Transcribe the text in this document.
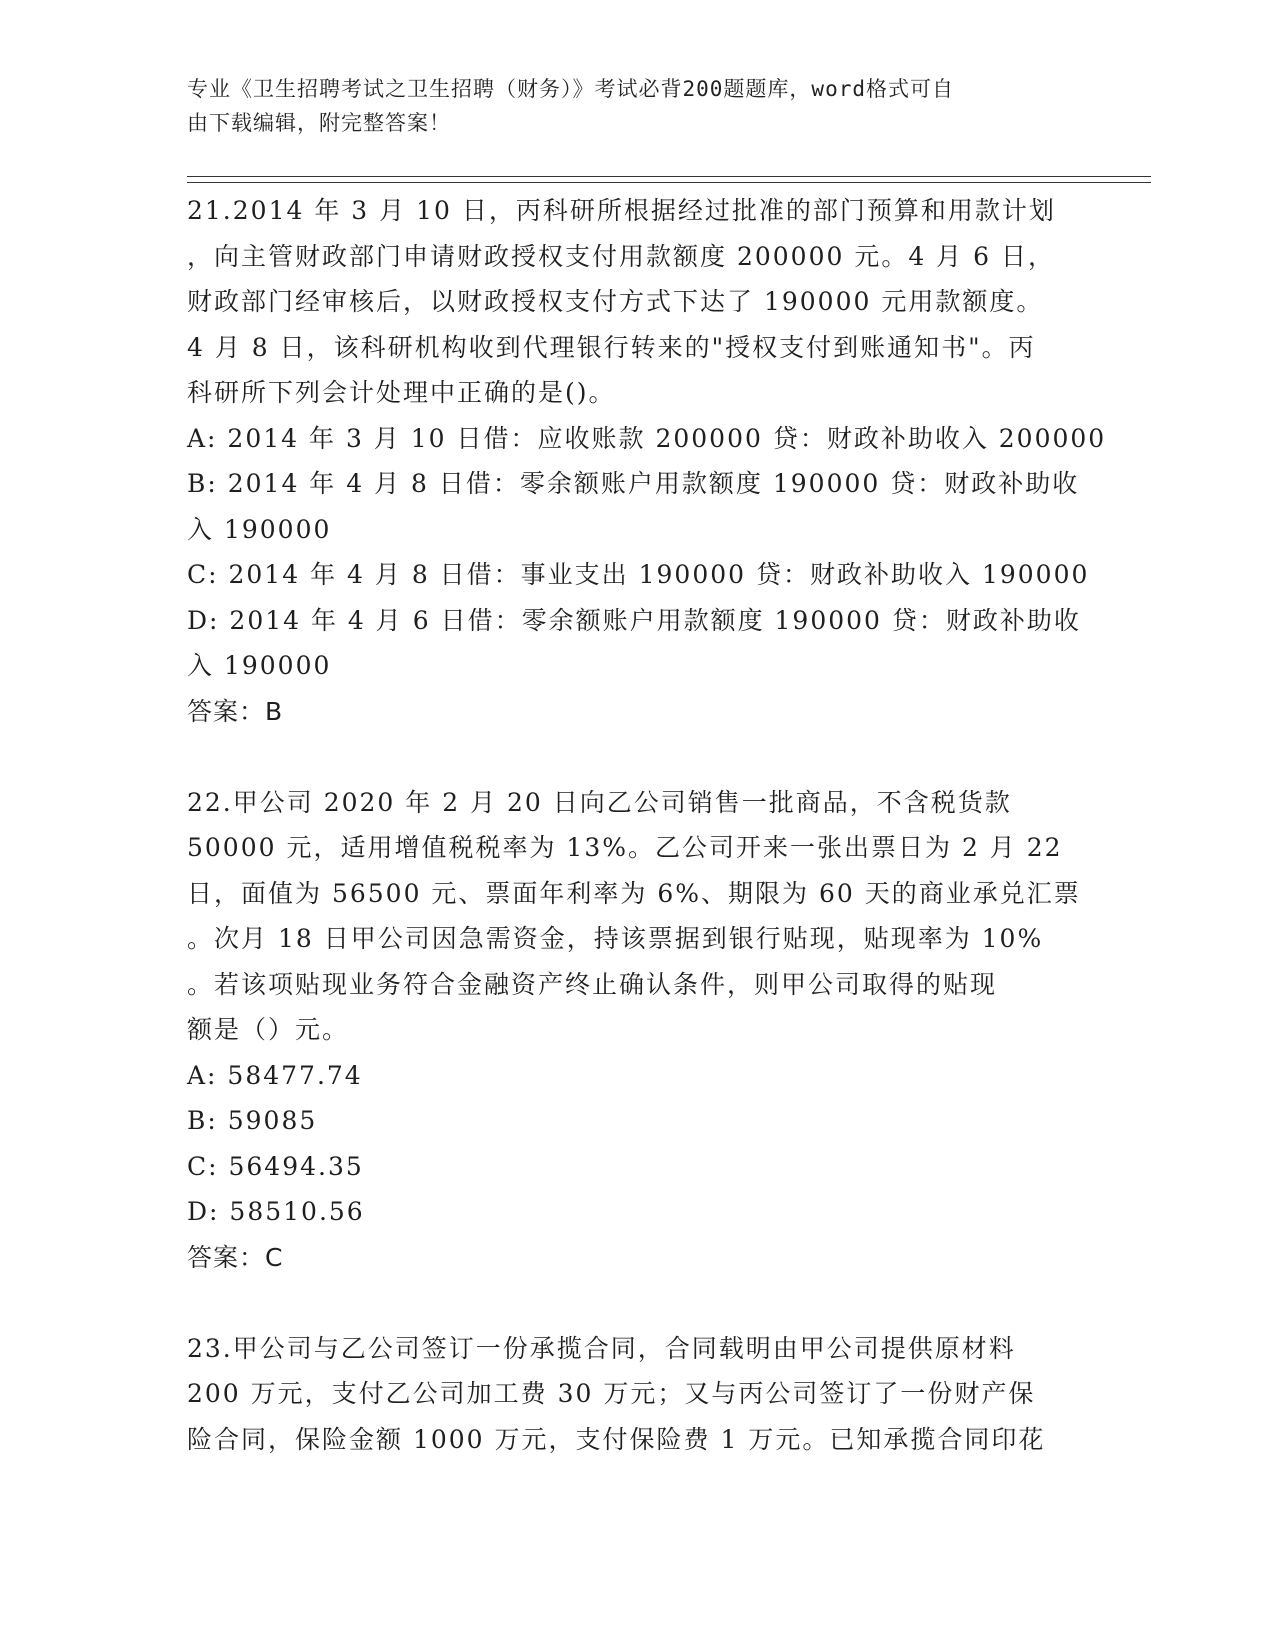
专业《卫生招聘考试之卫生招聘（财务）》考试必背200题题库，word格式可自
由下载编辑，附完整答案！
21.2014 年 3 月 10 日，丙科研所根据经过批准的部门预算和用款计划
，向主管财政部门申请财政授权支付用款额度 200000 元。4 月 6 日，
财政部门经审核后，以财政授权支付方式下达了 190000 元用款额度。
4 月 8 日，该科研机构收到代理银行转来的"授权支付到账通知书"。丙
科研所下列会计处理中正确的是()。
A: 2014 年 3 月 10 日借：应收账款 200000 贷：财政补助收入 200000
B: 2014 年 4 月 8 日借：零余额账户用款额度 190000 贷：财政补助收
入 190000
C: 2014 年 4 月 8 日借：事业支出 190000 贷：财政补助收入 190000
D: 2014 年 4 月 6 日借：零余额账户用款额度 190000 贷：财政补助收
入 190000
答案：B
22.甲公司 2020 年 2 月 20 日向乙公司销售一批商品，不含税货款
50000 元，适用增值税税率为 13%。乙公司开来一张出票日为 2 月 22
日，面值为 56500 元、票面年利率为 6%、期限为 60 天的商业承兑汇票
。次月 18 日甲公司因急需资金，持该票据到银行贴现，贴现率为 10%
。若该项贴现业务符合金融资产终止确认条件，则甲公司取得的贴现
额是（）元。
A: 58477.74
B: 59085
C: 56494.35
D: 58510.56
答案：C
23.甲公司与乙公司签订一份承揽合同，合同载明由甲公司提供原材料
200 万元，支付乙公司加工费 30 万元；又与丙公司签订了一份财产保
险合同，保险金额 1000 万元，支付保险费 1 万元。已知承揽合同印花
